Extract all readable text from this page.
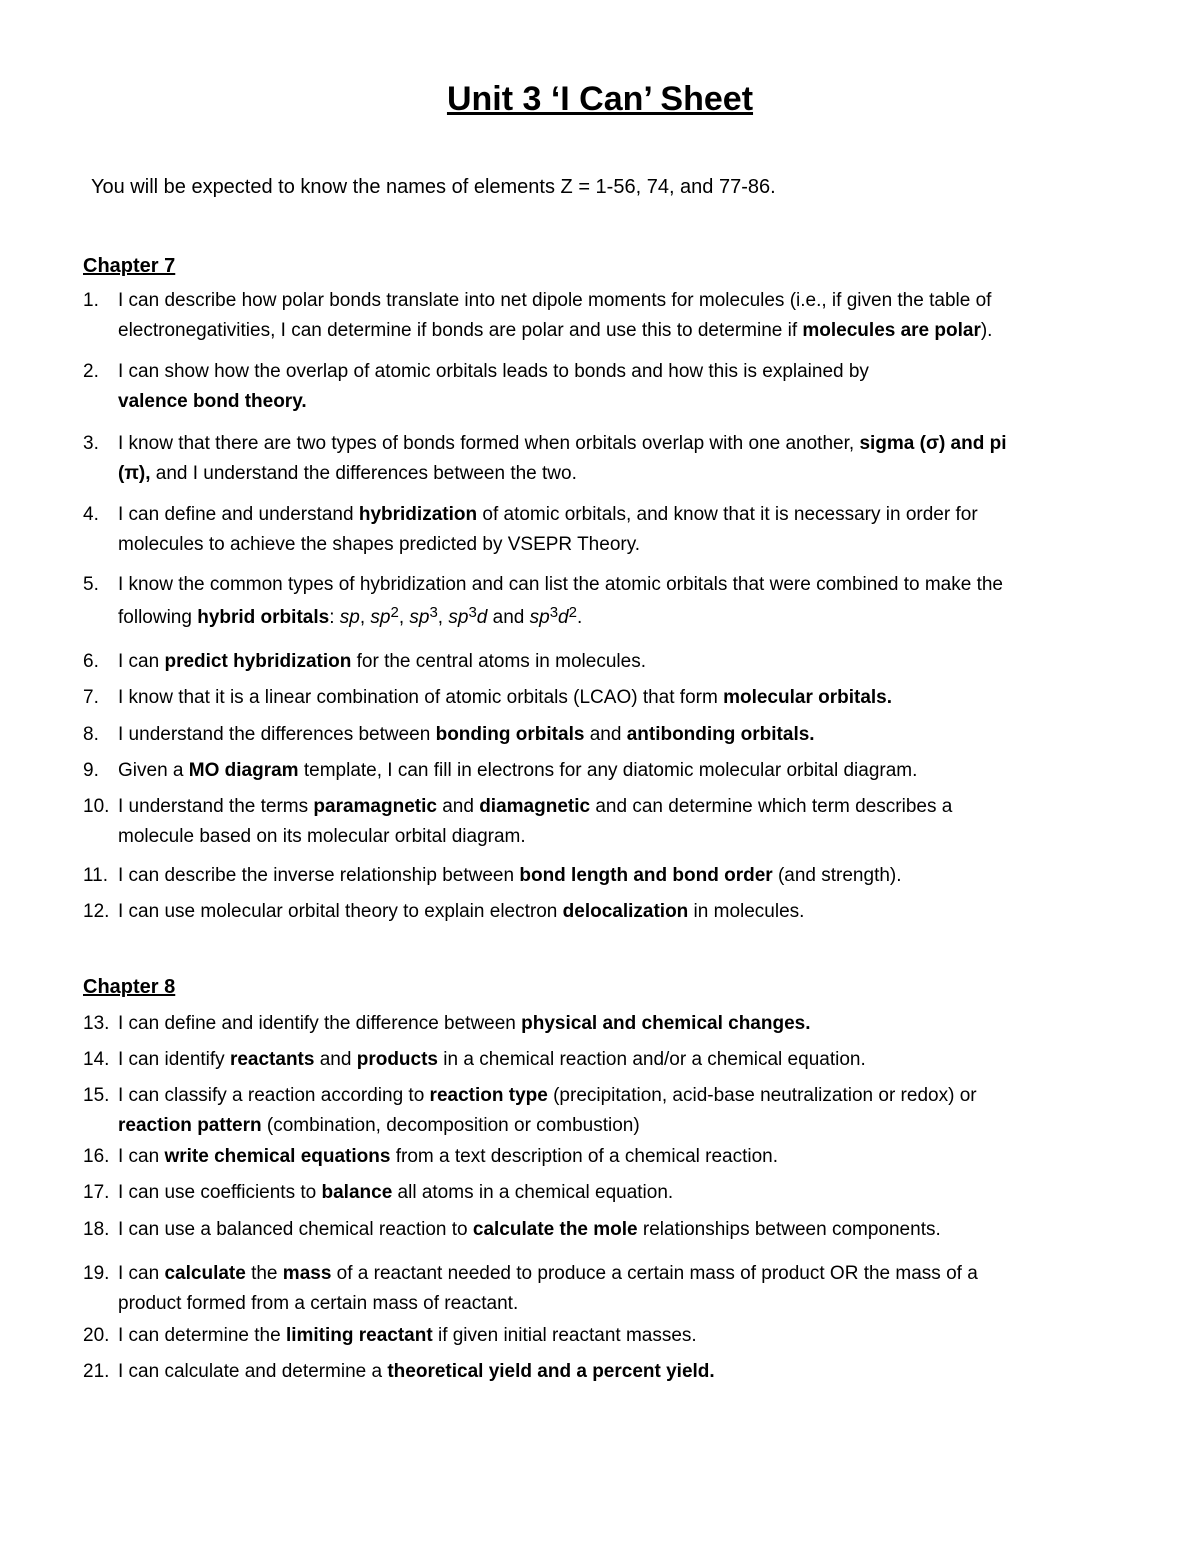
Unit 3 ‘I Can’ Sheet
You will be expected to know the names of elements Z = 1-56, 74, and 77-86.
Chapter 7
1.	I can describe how polar bonds translate into net dipole moments for molecules (i.e., if given the table of
electronegativities, I can determine if bonds are polar and use this to determine if molecules are polar).
2.	I can show how the overlap of atomic orbitals leads to bonds and how this is explained by
valence bond theory.
3.	I know that there are two types of bonds formed when orbitals overlap with one another, sigma (σ) and pi
(π), and I understand the differences between the two.
4.	I can define and understand hybridization of atomic orbitals, and know that it is necessary in order for
molecules to achieve the shapes predicted by VSEPR Theory.
5.	I know the common types of hybridization and can list the atomic orbitals that were combined to make the
following hybrid orbitals: sp, $sp^2$, $sp^3$, $sp^3d$ and $sp^3d^2$.
6.	I can predict hybridization for the central atoms in molecules.
7.	I know that it is a linear combination of atomic orbitals (LCAO) that form molecular orbitals.
8.	I understand the differences between bonding orbitals and antibonding orbitals.
9.	Given a MO diagram template, I can fill in electrons for any diatomic molecular orbital diagram.
10. I understand the terms paramagnetic and diamagnetic and can determine which term describes a
molecule based on its molecular orbital diagram.
11. I can describe the inverse relationship between bond length and bond order (and strength).
12. I can use molecular orbital theory to explain electron delocalization in molecules.
Chapter 8
13. I can define and identify the difference between physical and chemical changes.
14. I can identify reactants and products in a chemical reaction and/or a chemical equation.
15. I can classify a reaction according to reaction type (precipitation, acid-base neutralization or redox) or
reaction pattern (combination, decomposition or combustion)
16. I can write chemical equations from a text description of a chemical reaction.
17. I can use coefficients to balance all atoms in a chemical equation.
18. I can use a balanced chemical reaction to calculate the mole relationships between components.
19. I can calculate the mass of a reactant needed to produce a certain mass of product OR the mass of a
product formed from a certain mass of reactant.
20. I can determine the limiting reactant if given initial reactant masses.
21. I can calculate and determine a theoretical yield and a percent yield.
